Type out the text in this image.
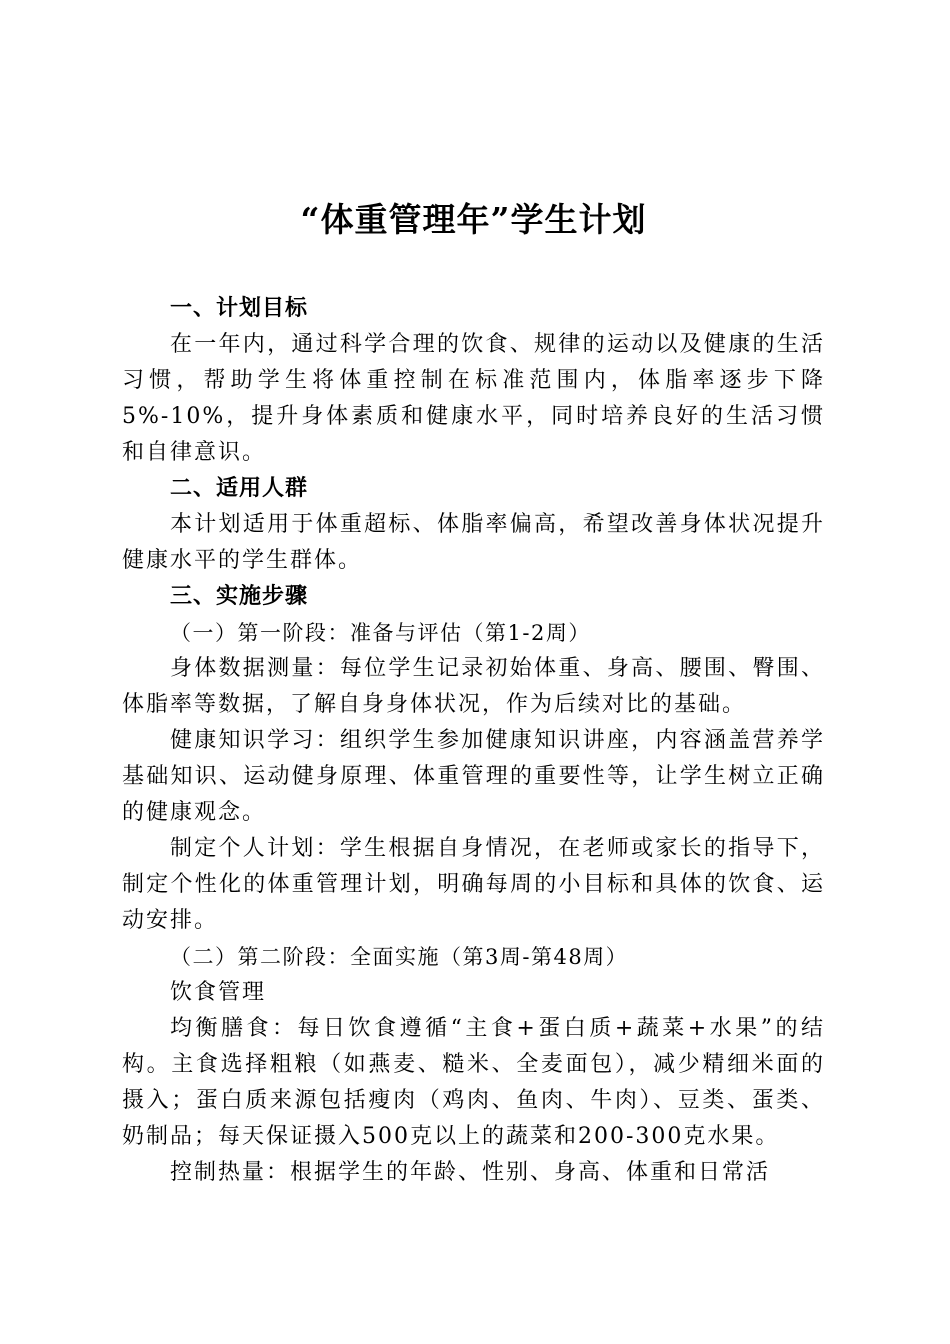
“体重管理年”学生计划
一、计划目标

在一年内，通过科学合理的饮食、规律的运动以及健康的生活习惯，帮助学生将体重控制在标准范围内，体脂率逐步下降5%-10%，提升身体素质和健康水平，同时培养良好的生活习惯和自律意识。

二、适用人群

本计划适用于体重超标、体脂率偏高，希望改善身体状况提升健康水平的学生群体。

三、实施步骤
（一）第一阶段：准备与评估（第1-2周）

身体数据测量：每位学生记录初始体重、身高、腰围、臀围、体脂率等数据，了解自身身体状况，作为后续对比的基础。

健康知识学习：组织学生参加健康知识讲座，内容涵盖营养学基础知识、运动健身原理、体重管理的重要性等，让学生树立正确的健康观念。

制定个人计划：学生根据自身情况，在老师或家长的指导下，制定个性化的体重管理计划，明确每周的小目标和具体的饮食、运动安排。

（二）第二阶段：全面实施（第3周-第48周）

饮食管理

均衡膳食：每日饮食遵循“主食+蛋白质+蔬菜+水果”的结构。主食选择粗粮（如燕麦、糙米、全麦面包），减少精细米面的摄入；蛋白质来源包括瘦肉（鸡肉、鱼肉、牛肉）、豆类、蛋类、奶制品；每天保证摄入500克以上的蔬菜和200-300克水果。

控制热量：根据学生的年龄、性别、身高、体重和日常活
